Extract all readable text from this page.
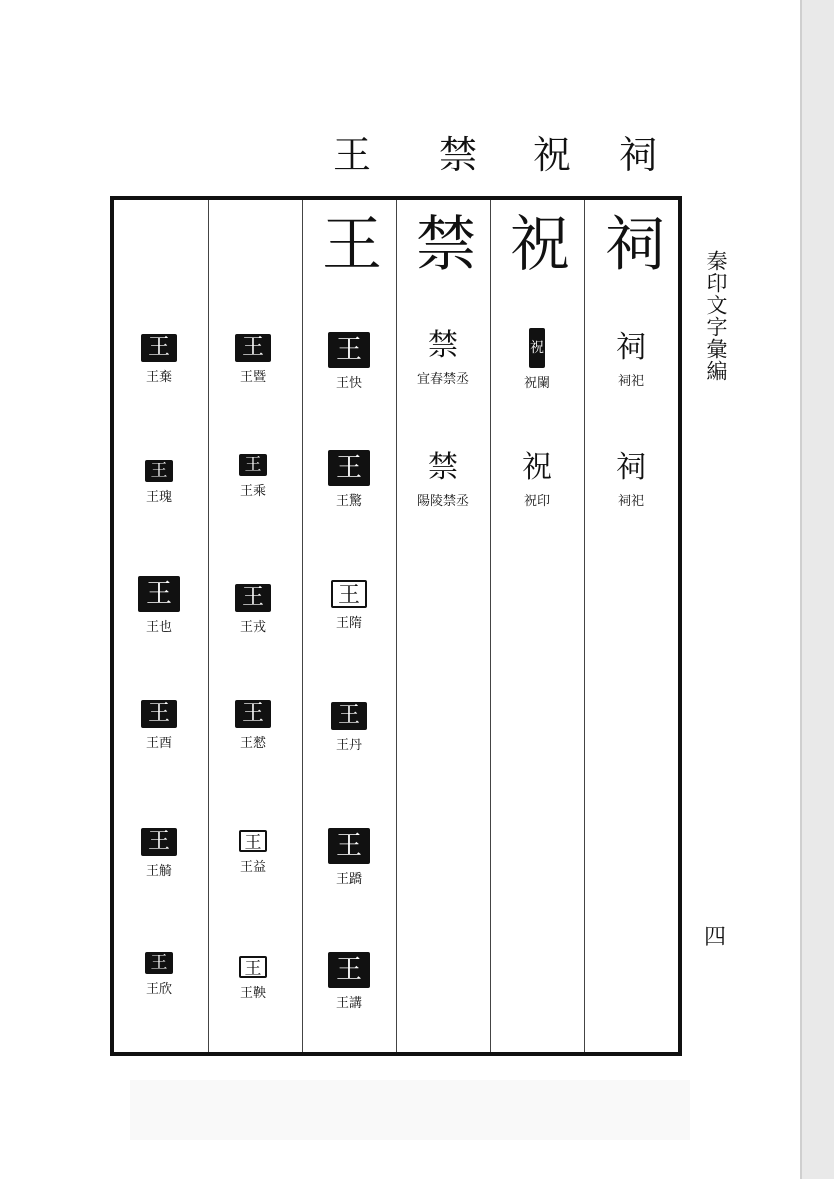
王 禁 祝 祠
祠
祠
祠祀
祠
祠祀
祝
祝
祝闌
祝
祝印
禁
禁
宜春禁丞
禁
陽陵禁丞
王
王
王快
王
王驚
王
王隋
王
王丹
王
王蹻
王
王講
王
王暨
王
王乘
王
王戎
王
王憖
王
王益
王
王鞅
王
王棄
王
王瑰
王
王也
王
王酉
王
王觭
王
王欣
秦印文字彙編
四
